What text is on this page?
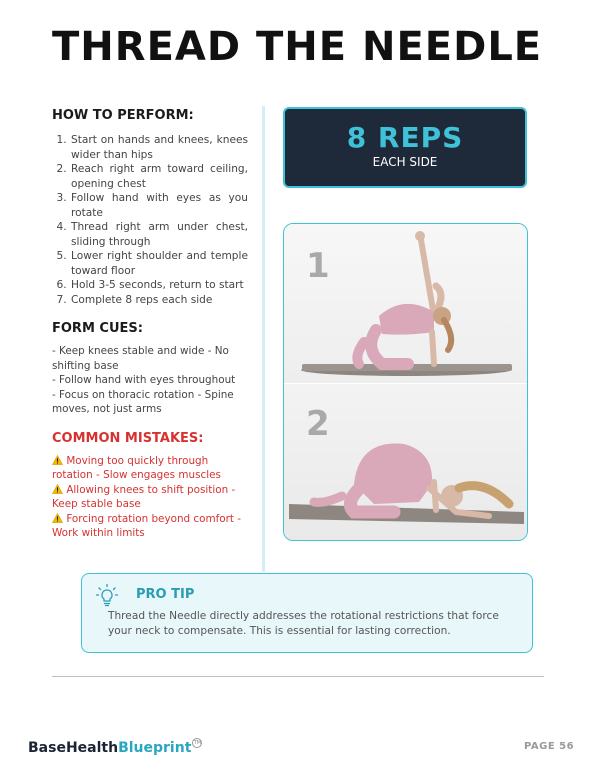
THREAD THE NEEDLE
HOW TO PERFORM:
1. Start on hands and knees, knees wider than hips
2. Reach right arm toward ceiling, opening chest
3. Follow hand with eyes as you rotate
4. Thread right arm under chest, sliding through
5. Lower right shoulder and temple toward floor
6. Hold 3-5 seconds, return to start
7. Complete 8 reps each side
FORM CUES:
- Keep knees stable and wide - No shifting base
- Follow hand with eyes throughout
- Focus on thoracic rotation - Spine moves, not just arms
COMMON MISTAKES:
Moving too quickly through rotation - Slow engages muscles
Allowing knees to shift position - Keep stable base
Forcing rotation beyond comfort - Work within limits
8 REPS
EACH SIDE
1
2
PRO TIP
Thread the Needle directly addresses the rotational restrictions that force your neck to compensate. This is essential for lasting correction.
BaseHealthBlueprint TM	PAGE 56
